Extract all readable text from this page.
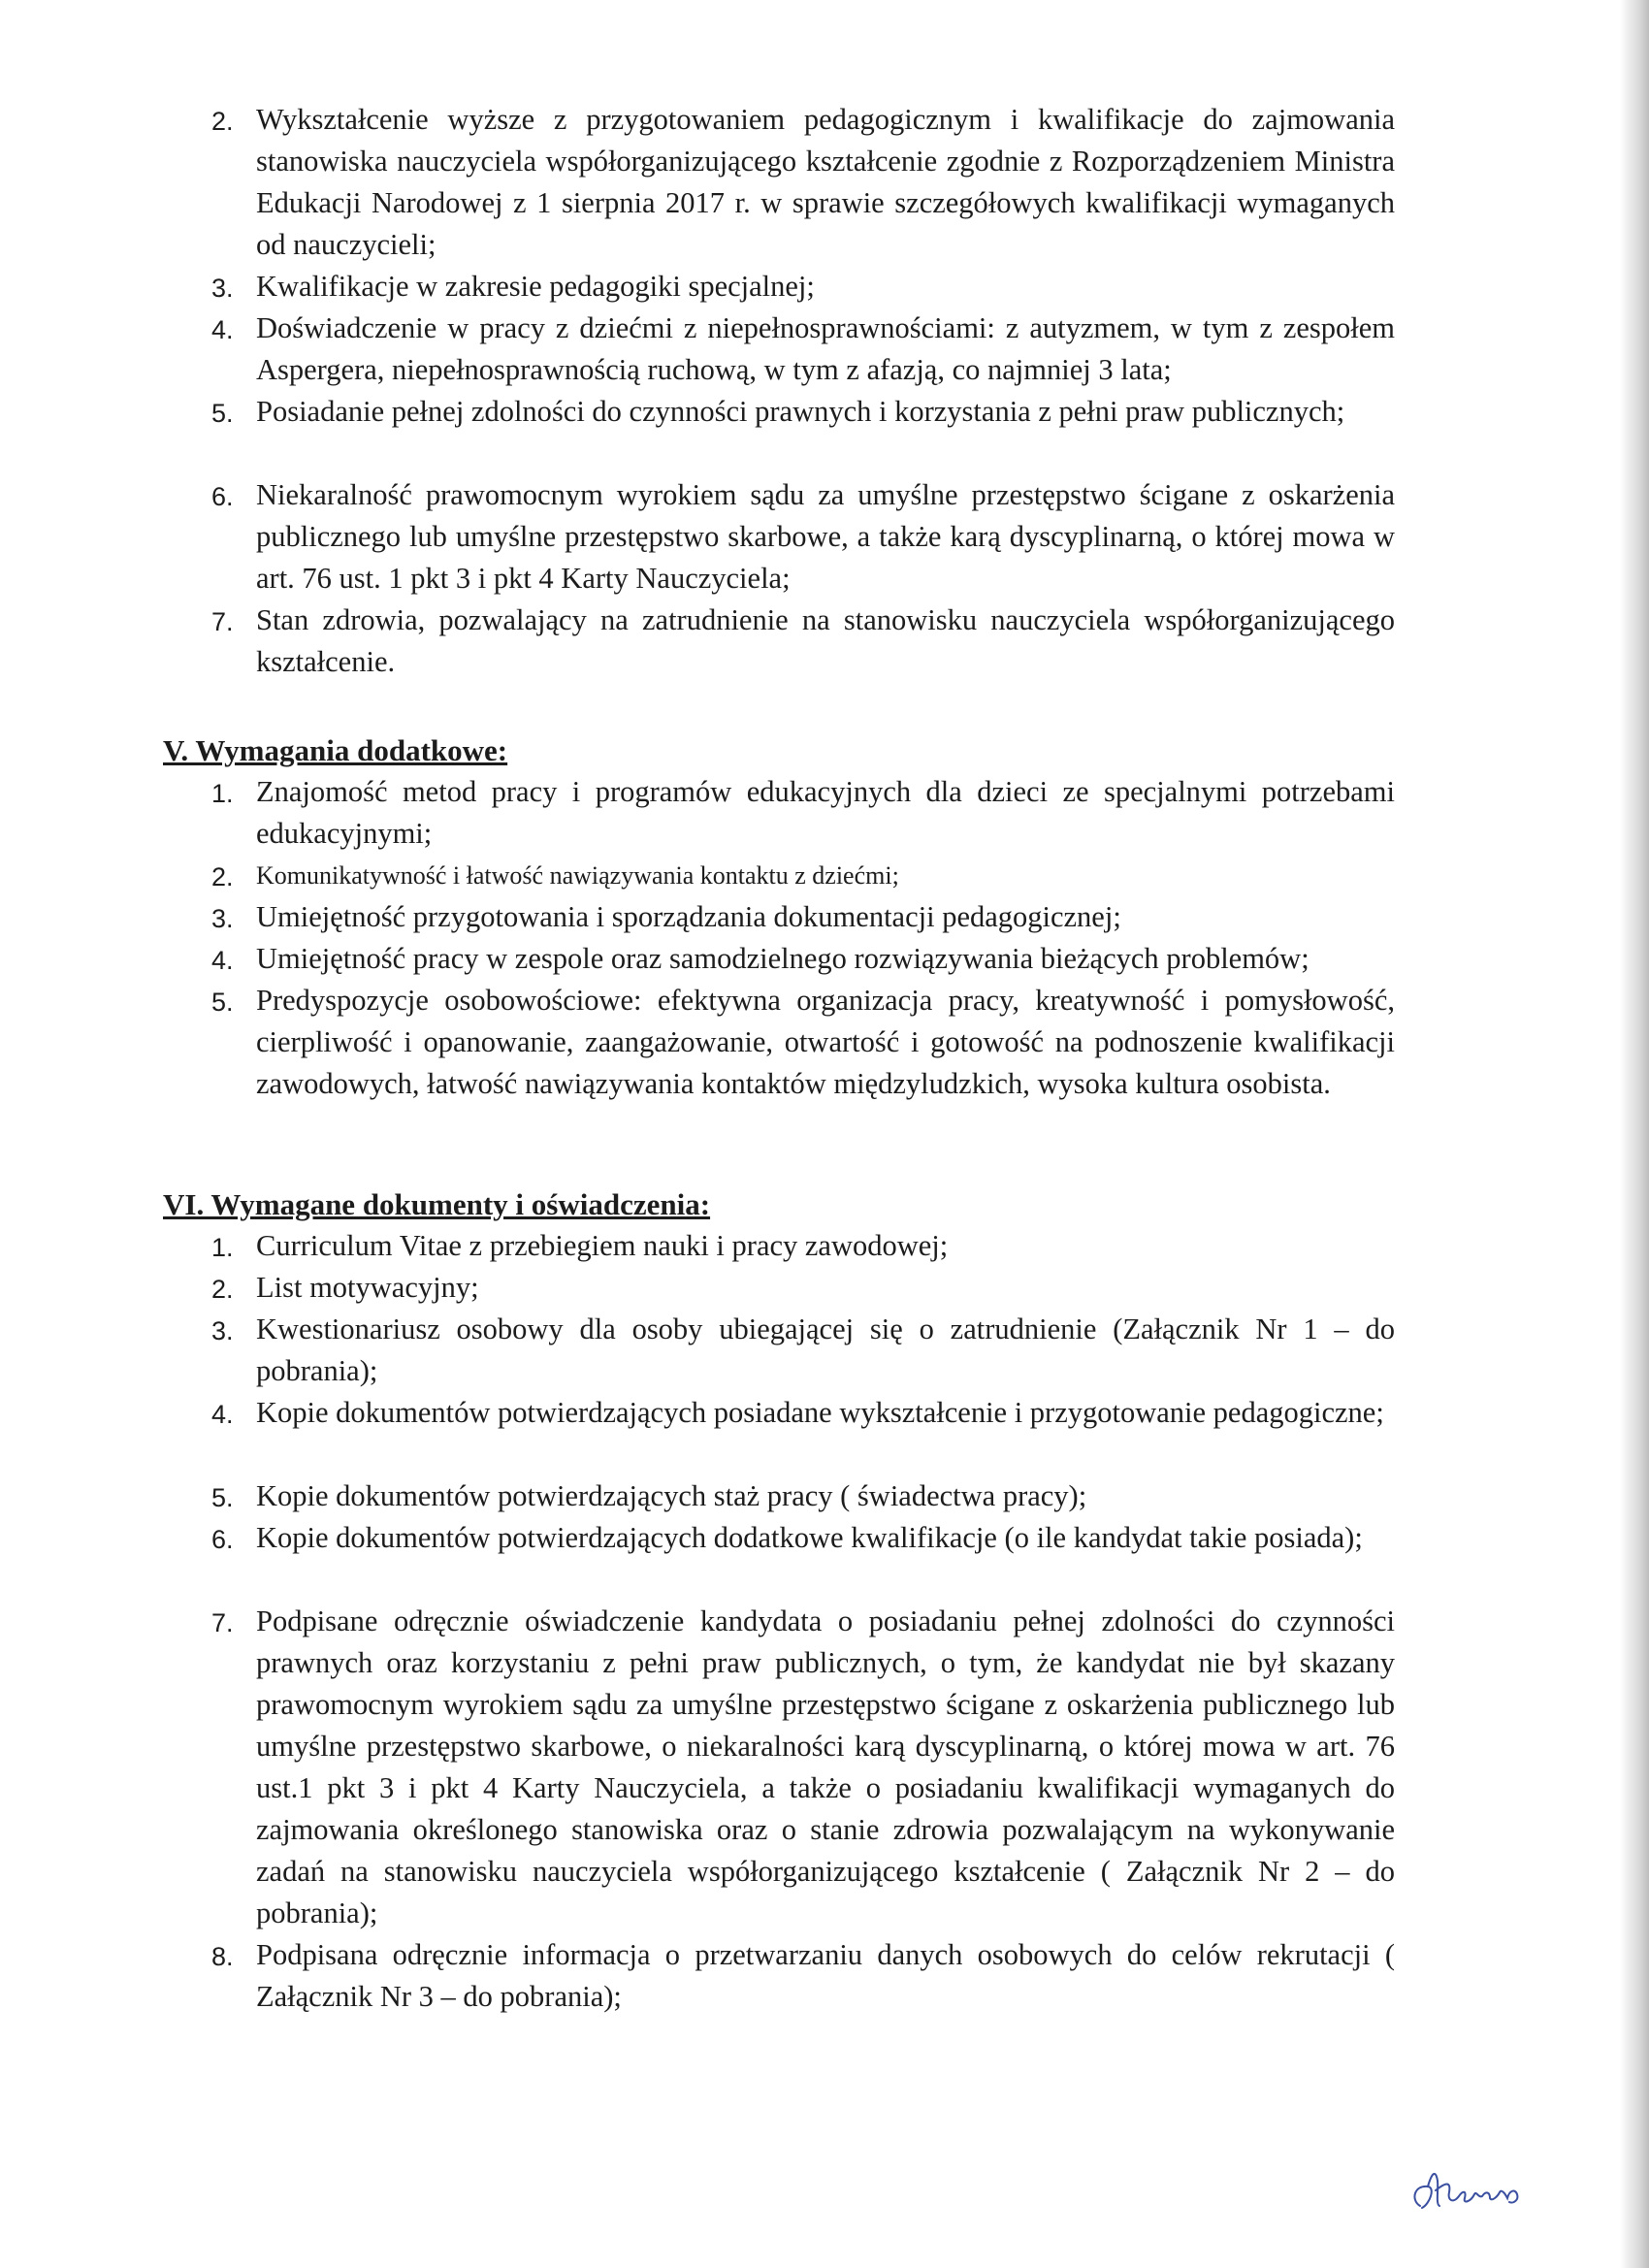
2. Wykształcenie wyższe z przygotowaniem pedagogicznym i kwalifikacje do zajmowania stanowiska nauczyciela współorganizującego kształcenie zgodnie z Rozporządzeniem Ministra Edukacji Narodowej z 1 sierpnia 2017 r. w sprawie szczegółowych kwalifikacji wymaganych od nauczycieli;
3. Kwalifikacje w zakresie pedagogiki specjalnej;
4. Doświadczenie w pracy z dziećmi z niepełnosprawnościami: z autyzmem, w tym z zespołem Aspergera, niepełnosprawnością ruchową, w tym z afazją, co najmniej 3 lata;
5. Posiadanie pełnej zdolności do czynności prawnych i korzystania z pełni praw publicznych;
6. Niekaralność prawomocnym wyrokiem sądu za umyślne przestępstwo ścigane z oskarżenia publicznego lub umyślne przestępstwo skarbowe, a także karą dyscyplinarną, o której mowa w art. 76 ust. 1 pkt 3 i pkt 4 Karty Nauczyciela;
7. Stan zdrowia, pozwalający na zatrudnienie na stanowisku nauczyciela współorganizującego kształcenie.
V. Wymagania dodatkowe:
1. Znajomość metod pracy i programów edukacyjnych dla dzieci ze specjalnymi potrzebami edukacyjnymi;
2. Komunikatywność i łatwość nawiązywania kontaktu z dziećmi;
3. Umiejętność przygotowania i sporządzania dokumentacji pedagogicznej;
4. Umiejętność pracy w zespole oraz samodzielnego rozwiązywania bieżących problemów;
5. Predyspozycje osobowościowe: efektywna organizacja pracy, kreatywność i pomysłowość, cierpliwość i opanowanie, zaangażowanie, otwartość i gotowość na podnoszenie kwalifikacji zawodowych, łatwość nawiązywania kontaktów międzyludzkich, wysoka kultura osobista.
VI. Wymagane dokumenty i oświadczenia:
1. Curriculum Vitae z przebiegiem nauki i pracy zawodowej;
2. List motywacyjny;
3. Kwestionariusz osobowy dla osoby ubiegającej się o zatrudnienie (Załącznik Nr 1 – do pobrania);
4. Kopie dokumentów potwierdzających posiadane wykształcenie i przygotowanie pedagogiczne;
5. Kopie dokumentów potwierdzających staż pracy ( świadectwa pracy);
6. Kopie dokumentów potwierdzających dodatkowe kwalifikacje (o ile kandydat takie posiada);
7. Podpisane odręcznie oświadczenie kandydata o posiadaniu pełnej zdolności do czynności prawnych oraz korzystaniu z pełni praw publicznych, o tym, że kandydat nie był skazany prawomocnym wyrokiem sądu za umyślne przestępstwo ścigane z oskarżenia publicznego lub umyślne przestępstwo skarbowe, o niekaralności karą dyscyplinarną, o której mowa w art. 76 ust.1 pkt 3 i pkt 4 Karty Nauczyciela, a także o posiadaniu kwalifikacji wymaganych do zajmowania określonego stanowiska oraz o stanie zdrowia pozwalającym na wykonywanie zadań na stanowisku nauczyciela współorganizującego kształcenie ( Załącznik Nr 2 – do pobrania);
8. Podpisana odręcznie informacja o przetwarzaniu danych osobowych do celów rekrutacji ( Załącznik Nr 3 – do pobrania);
